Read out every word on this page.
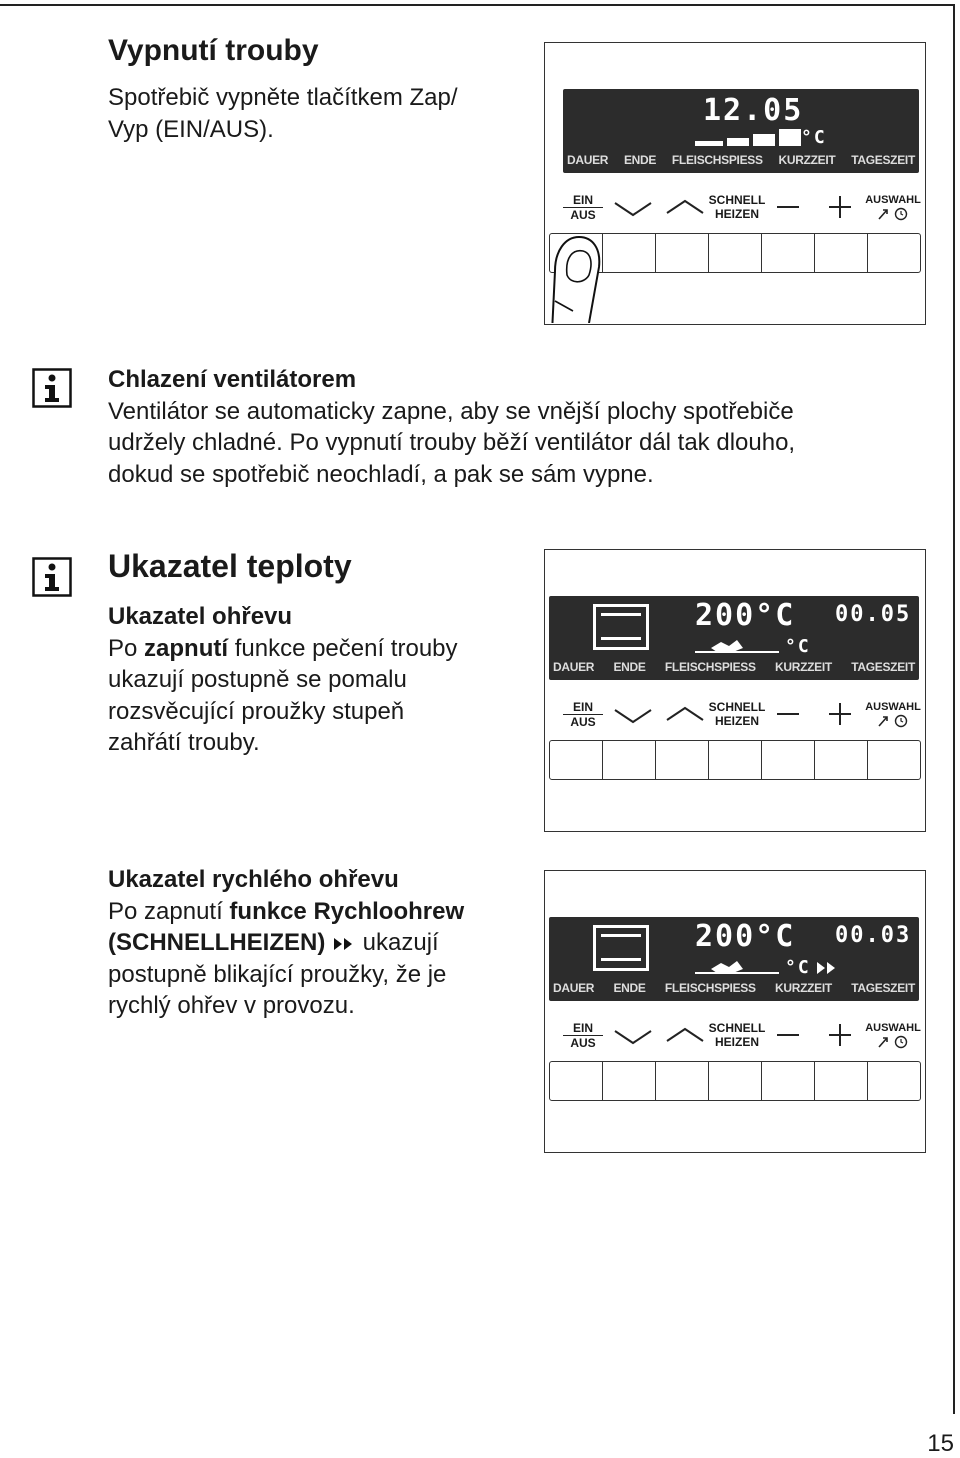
Vypnutí trouby

Spotřebič vypněte tlačítkem Zap/
Vyp (EIN/AUS).

12.05
°C
DAUER ENDE FLEISCHSPIESS KURZZEIT TAGESZEIT
EIN
AUS
SCHNELL
HEIZEN
AUSWAHL

Chlazení ventilátorem

Ventilátor se automaticky zapne, aby se vnější plochy spotřebiče
udržely chladné. Po vypnutí trouby běží ventilátor dál tak dlouho,
dokud se spotřebič neochladí, a pak se sám vypne.

Ukazatel teploty

Ukazatel ohřevu

Po zapnutí funkce pečení trouby
ukazují postupně se pomalu
rozsvěcující proužky stupeň
zahřátí trouby.

200°C 00.05
°C
DAUER ENDE FLEISCHSPIESS KURZZEIT TAGESZEIT
EIN
AUS
SCHNELL
HEIZEN
AUSWAHL

Ukazatel rychlého ohřevu

Po zapnutí funkce Rychloohrew
(SCHNELLHEIZEN)  ukazují
postupně blikající proužky, že je
rychlý ohřev v provozu.

200°C 00.03
°C
DAUER ENDE FLEISCHSPIESS KURZZEIT TAGESZEIT
EIN
AUS
SCHNELL
HEIZEN
AUSWAHL
15
